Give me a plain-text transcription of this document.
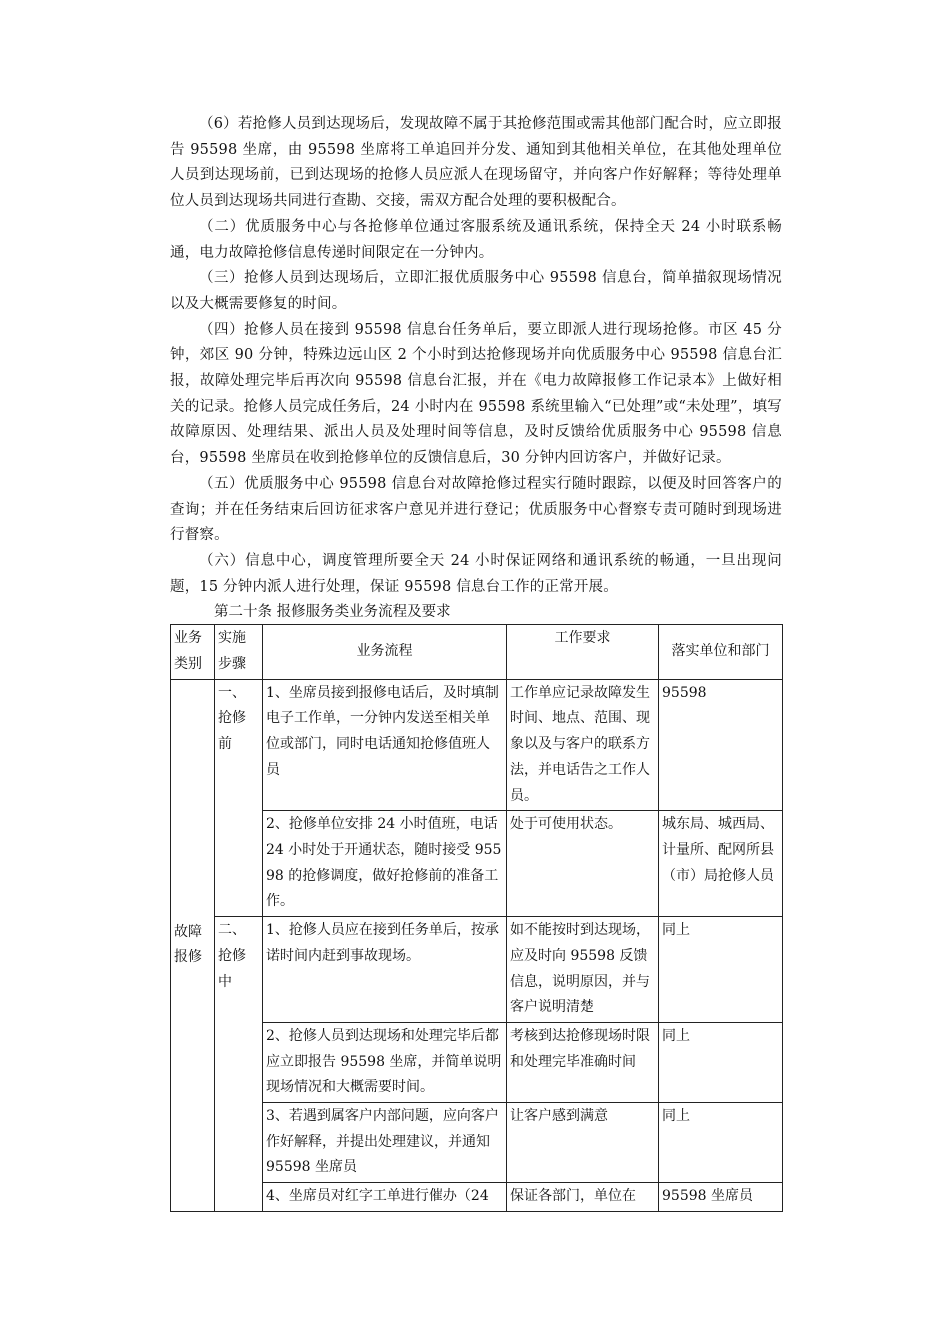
（6）若抢修人员到达现场后，发现故障不属于其抢修范围或需其他部门配合时，应立即报告 95598 坐席，由 95598 坐席将工单追回并分发、通知到其他相关单位，在其他处理单位人员到达现场前，已到达现场的抢修人员应派人在现场留守，并向客户作好解释；等待处理单位人员到达现场共同进行查勘、交接，需双方配合处理的要积极配合。

（二）优质服务中心与各抢修单位通过客服系统及通讯系统，保持全天 24 小时联系畅通，电力故障抢修信息传递时间限定在一分钟内。

（三）抢修人员到达现场后，立即汇报优质服务中心 95598 信息台，简单描叙现场情况以及大概需要修复的时间。

（四）抢修人员在接到 95598 信息台任务单后，要立即派人进行现场抢修。市区 45 分钟，郊区 90 分钟，特殊边远山区 2 个小时到达抢修现场并向优质服务中心 95598 信息台汇报，故障处理完毕后再次向 95598 信息台汇报，并在《电力故障报修工作记录本》上做好相关的记录。抢修人员完成任务后，24 小时内在 95598 系统里输入“已处理”或“未处理”，填写故障原因、处理结果、派出人员及处理时间等信息，及时反馈给优质服务中心 95598 信息台，95598 坐席员在收到抢修单位的反馈信息后，30 分钟内回访客户，并做好记录。

（五）优质服务中心 95598 信息台对故障抢修过程实行随时跟踪，以便及时回答客户的查询；并在任务结束后回访征求客户意见并进行登记；优质服务中心督察专责可随时到现场进行督察。

（六）信息中心，调度管理所要全天 24 小时保证网络和通讯系统的畅通，一旦出现问题，15 分钟内派人进行处理，保证 95598 信息台工作的正常开展。

第二十条 报修服务类业务流程及要求

业务类别	实施步骤	业务流程	工作要求	落实单位和部门
故障报修	一、抢修前	1、坐席员接到报修电话后，及时填制电子工作单，一分钟内发送至相关单位或部门，同时电话通知抢修值班人员	工作单应记录故障发生时间、地点、范围、现象以及与客户的联系方法，并电话告之工作人员。	95598
		2、抢修单位安排 24 小时值班，电话 24 小时处于开通状态，随时接受 95598 的抢修调度，做好抢修前的准备工作。	处于可使用状态。	城东局、城西局、计量所、配网所县（市）局抢修人员
	二、抢修中	1、抢修人员应在接到任务单后，按承诺时间内赶到事故现场。	如不能按时到达现场，应及时向 95598 反馈信息，说明原因，并与客户说明清楚	同上
		2、抢修人员到达现场和处理完毕后都应立即报告 95598 坐席，并简单说明现场情况和大概需要时间。	考核到达抢修现场时限和处理完毕准确时间	同上
		3、若遇到属客户内部问题，应向客户作好解释，并提出处理建议，并通知 95598 坐席员	让客户感到满意	同上
		4、坐席员对红字工单进行催办（24	保证各部门，单位在	95598 坐席员
